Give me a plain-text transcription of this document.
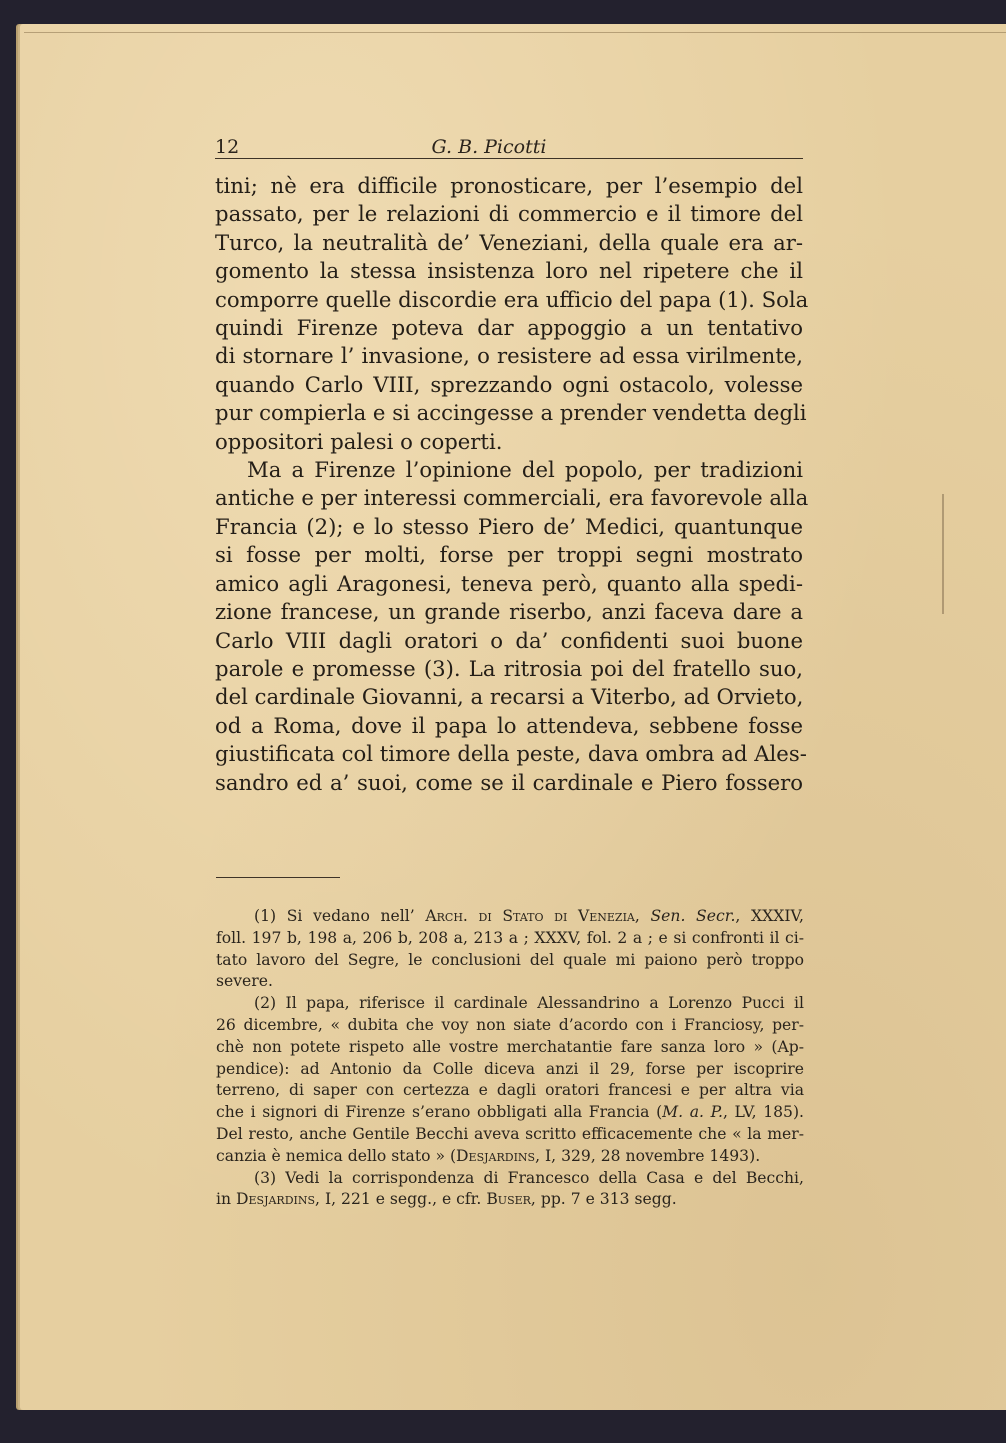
12	G. B. Picotti
tini; nè era difficile pronosticare, per l’esempio del
passato, per le relazioni di commercio e il timore del
Turco, la neutralità de’ Veneziani, della quale era ar-
gomento la stessa insistenza loro nel ripetere che il
comporre quelle discordie era ufficio del papa (1). Sola
quindi Firenze poteva dar appoggio a un tentativo
di stornare l’ invasione, o resistere ad essa virilmente,
quando Carlo VIII, sprezzando ogni ostacolo, volesse
pur compierla e si accingesse a prender vendetta degli
oppositori palesi o coperti.
Ma a Firenze l’opinione del popolo, per tradizioni
antiche e per interessi commerciali, era favorevole alla
Francia (2); e lo stesso Piero de’ Medici, quantunque
si fosse per molti, forse per troppi segni mostrato
amico agli Aragonesi, teneva però, quanto alla spedi-
zione francese, un grande riserbo, anzi faceva dare a
Carlo VIII dagli oratori o da’ confidenti suoi buone
parole e promesse (3). La ritrosia poi del fratello suo,
del cardinale Giovanni, a recarsi a Viterbo, ad Orvieto,
od a Roma, dove il papa lo attendeva, sebbene fosse
giustificata col timore della peste, dava ombra ad Ales-
sandro ed a’ suoi, come se il cardinale e Piero fossero
(1) Si vedano nell’ Arch. di Stato di Venezia, Sen. Secr., XXXIV,
foll. 197 b, 198 a, 206 b, 208 a, 213 a ; XXXV, fol. 2 a ; e si confronti il ci-
tato lavoro del Segre, le conclusioni del quale mi paiono però troppo
severe.
(2) Il papa, riferisce il cardinale Alessandrino a Lorenzo Pucci il
26 dicembre, « dubita che voy non siate d’acordo con i Franciosy, per-
chè non potete rispeto alle vostre merchatantie fare sanza loro » (Ap-
pendice): ad Antonio da Colle diceva anzi il 29, forse per iscoprire
terreno, di saper con certezza e dagli oratori francesi e per altra via
che i signori di Firenze s’erano obbligati alla Francia (M. a. P., LV, 185).
Del resto, anche Gentile Becchi aveva scritto efficacemente che « la mer-
canzia è nemica dello stato » (Desjardins, I, 329, 28 novembre 1493).
(3) Vedi la corrispondenza di Francesco della Casa e del Becchi,
in Desjardins, I, 221 e segg., e cfr. Buser, pp. 7 e 313 segg.
